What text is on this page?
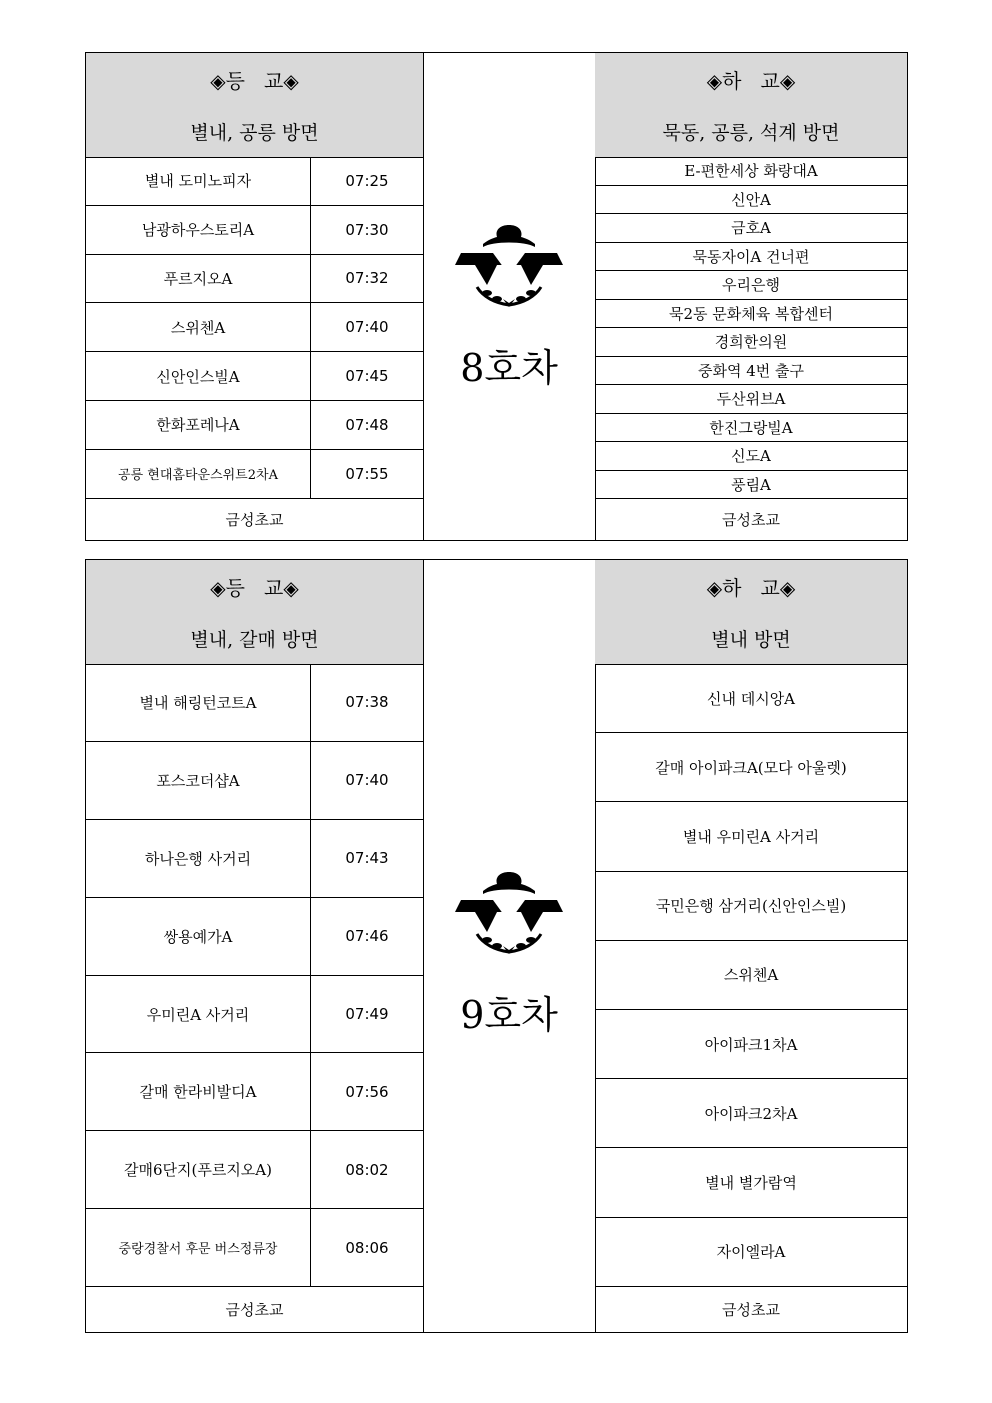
◈등   교◈
별내, 공릉 방면
별내 도미노피자	07:25
남광하우스토리A	07:30
푸르지오A	07:32
스위첸A	07:40
신안인스빌A	07:45
한화포레나A	07:48
공릉 현대홈타운스위트2차A	07:55
금성초교
8호차
◈하   교◈
묵동, 공릉, 석계 방면
E-편한세상 화랑대A
신안A
금호A
묵동자이A 건너편
우리은행
묵2동 문화체육 복합센터
경희한의원
중화역 4번 출구
두산위브A
한진그랑빌A
신도A
풍림A
금성초교
◈등   교◈
별내, 갈매 방면
별내 해링턴코트A	07:38
포스코더샵A	07:40
하나은행 사거리	07:43
쌍용예가A	07:46
우미린A 사거리	07:49
갈매 한라비발디A	07:56
갈매6단지(푸르지오A)	08:02
중랑경찰서 후문 버스정류장	08:06
금성초교
9호차
◈하   교◈
별내 방면
신내 데시앙A
갈매 아이파크A(모다 아울렛)
별내 우미린A 사거리
국민은행 삼거리(신안인스빌)
스위첸A
아이파크1차A
아이파크2차A
별내 별가람역
자이엘라A
금성초교
